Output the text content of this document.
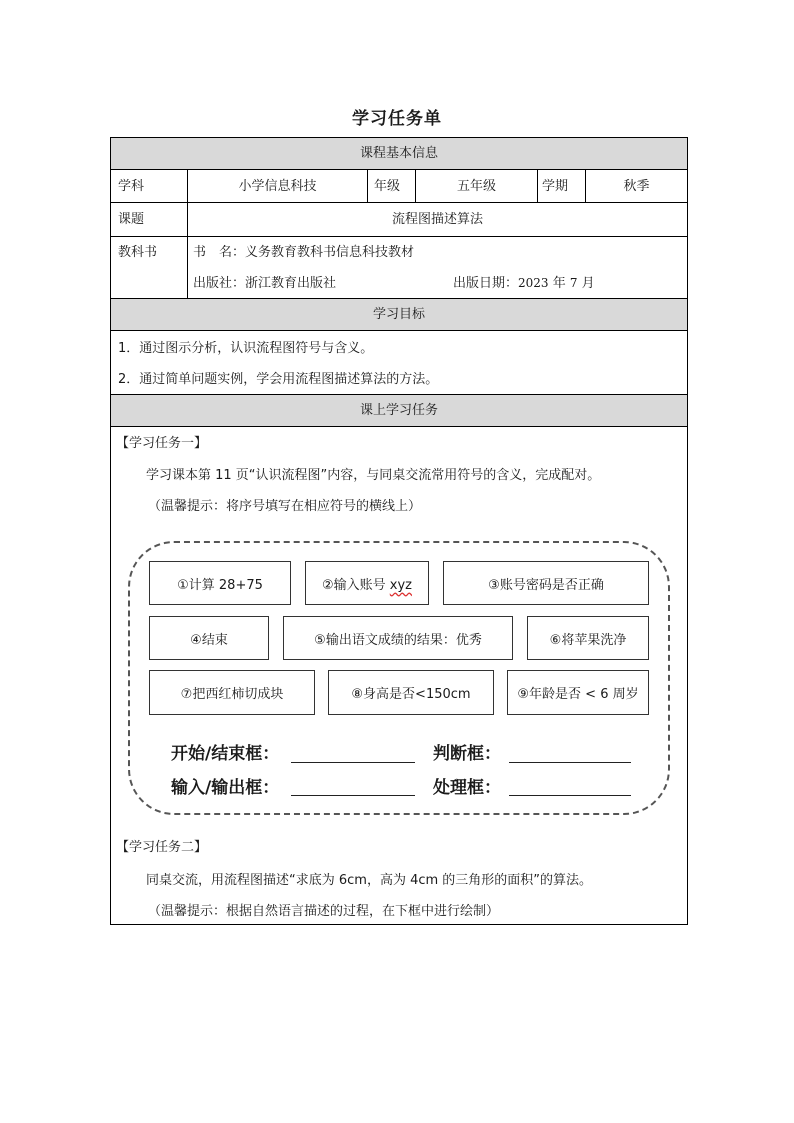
学习任务单
课程基本信息
学科	小学信息科技	年级	五年级	学期	秋季
课题	流程图描述算法
教科书	书　名：义务教育教科书信息科技教材
出版社：浙江教育出版社	出版日期：2023 年 7 月
学习目标
1．通过图示分析，认识流程图符号与含义。
2．通过简单问题实例，学会用流程图描述算法的方法。
课上学习任务
【学习任务一】
学习课本第 11 页“认识流程图”内容，与同桌交流常用符号的含义，完成配对。
（温馨提示：将序号填写在相应符号的横线上）
①计算 28+75	②输入账号 xyz	③账号密码是否正确
④结束	⑤输出语文成绩的结果：优秀	⑥将苹果洗净
⑦把西红柿切成块	⑧身高是否<150cm	⑨年龄是否 < 6 周岁
开始/结束框：	判断框：
输入/输出框：	处理框：
【学习任务二】
同桌交流，用流程图描述“求底为 6cm，高为 4cm 的三角形的面积”的算法。
（温馨提示：根据自然语言描述的过程，在下框中进行绘制）
